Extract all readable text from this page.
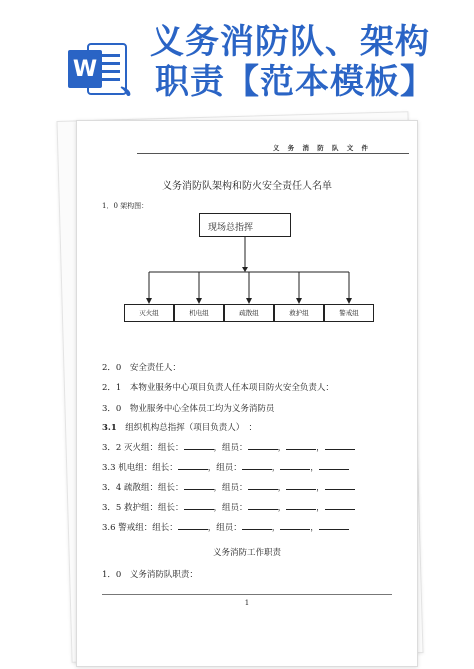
W
义务消防队、架构
、职责【范本模板】
义 务 消 防 队 文 件
义务消防队架构和防火安全责任人名单
1．0 架构图：
现场总指挥
灭火组	机电组	疏散组	救护组	警戒组
2．0　安全责任人：
2．1　本物业服务中心项目负责人任本项目防火安全负责人：
3．0　物业服务中心全体员工均为义务消防员
3.1　组织机构总指挥（项目负责人）　：
3．2 灭火组：组长：	，组员：	，	，
3.3 机电组：组长：	，组员：	，	，
3．4 疏散组：组长：	，组员：	，	，
3．5 救护组：组长：	，组员：	，	，
3.6 警戒组：组长：	，组员：	，	，
义务消防工作职责
1．0　义务消防队职责：
1
